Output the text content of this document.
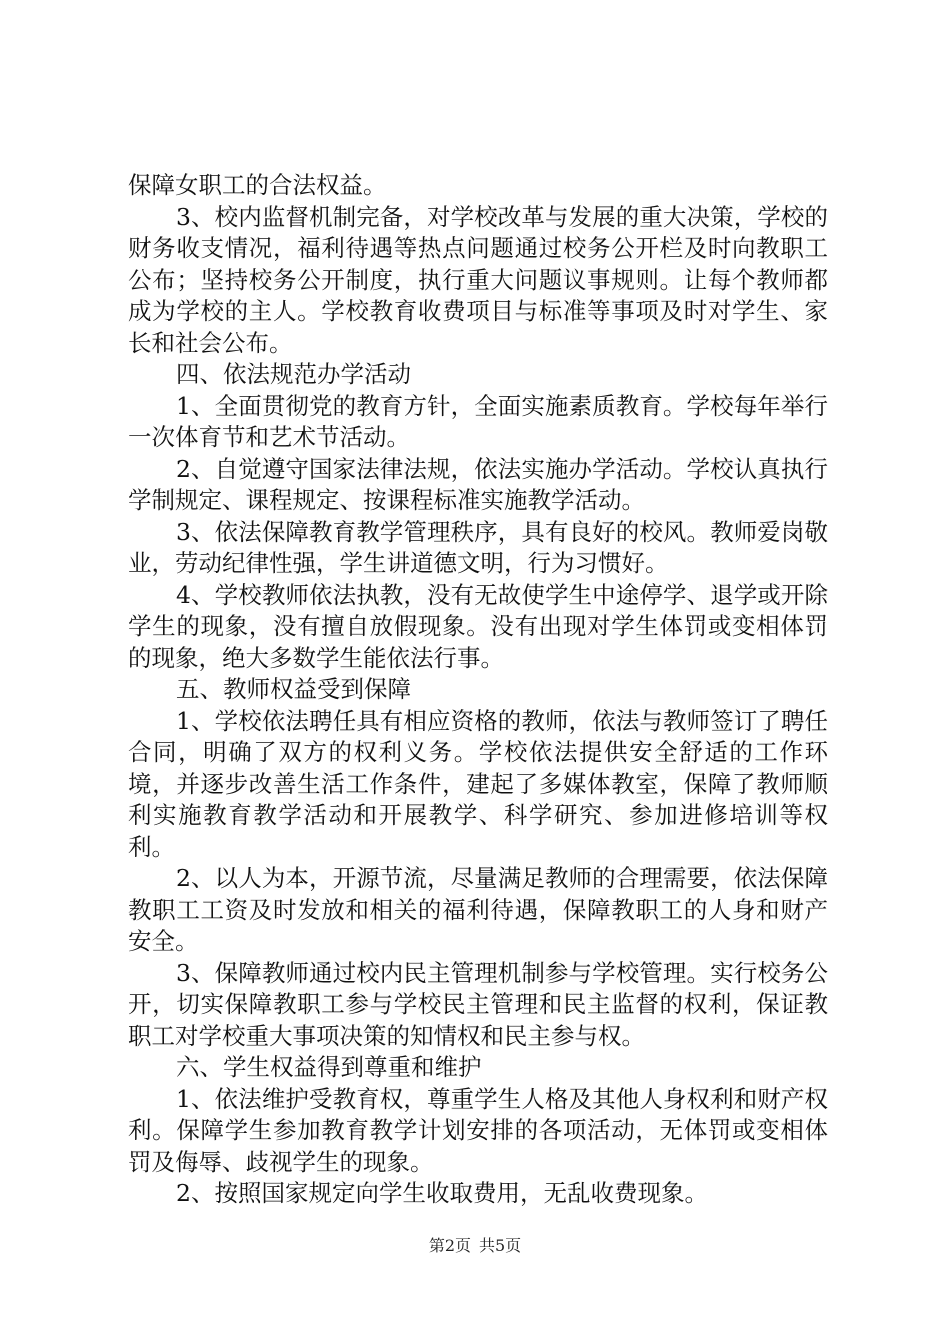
保障女职工的合法权益。

3、校内监督机制完备，对学校改革与发展的重大决策，学校的财务收支情况，福利待遇等热点问题通过校务公开栏及时向教职工公布；坚持校务公开制度，执行重大问题议事规则。让每个教师都成为学校的主人。学校教育收费项目与标准等事项及时对学生、家长和社会公布。

四、依法规范办学活动

1、全面贯彻党的教育方针，全面实施素质教育。学校每年举行一次体育节和艺术节活动。

2、自觉遵守国家法律法规，依法实施办学活动。学校认真执行学制规定、课程规定、按课程标准实施教学活动。

3、依法保障教育教学管理秩序，具有良好的校风。教师爱岗敬业，劳动纪律性强，学生讲道德文明，行为习惯好。

4、学校教师依法执教，没有无故使学生中途停学、退学或开除学生的现象，没有擅自放假现象。没有出现对学生体罚或变相体罚的现象，绝大多数学生能依法行事。

五、教师权益受到保障

1、学校依法聘任具有相应资格的教师，依法与教师签订了聘任合同，明确了双方的权利义务。学校依法提供安全舒适的工作环境，并逐步改善生活工作条件，建起了多媒体教室，保障了教师顺利实施教育教学活动和开展教学、科学研究、参加进修培训等权利。

2、以人为本，开源节流，尽量满足教师的合理需要，依法保障教职工工资及时发放和相关的福利待遇，保障教职工的人身和财产安全。

3、保障教师通过校内民主管理机制参与学校管理。实行校务公开，切实保障教职工参与学校民主管理和民主监督的权利，保证教职工对学校重大事项决策的知情权和民主参与权。

六、学生权益得到尊重和维护

1、依法维护受教育权，尊重学生人格及其他人身权利和财产权利。保障学生参加教育教学计划安排的各项活动，无体罚或变相体罚及侮辱、歧视学生的现象。

2、按照国家规定向学生收取费用，无乱收费现象。

第2页 共5页
